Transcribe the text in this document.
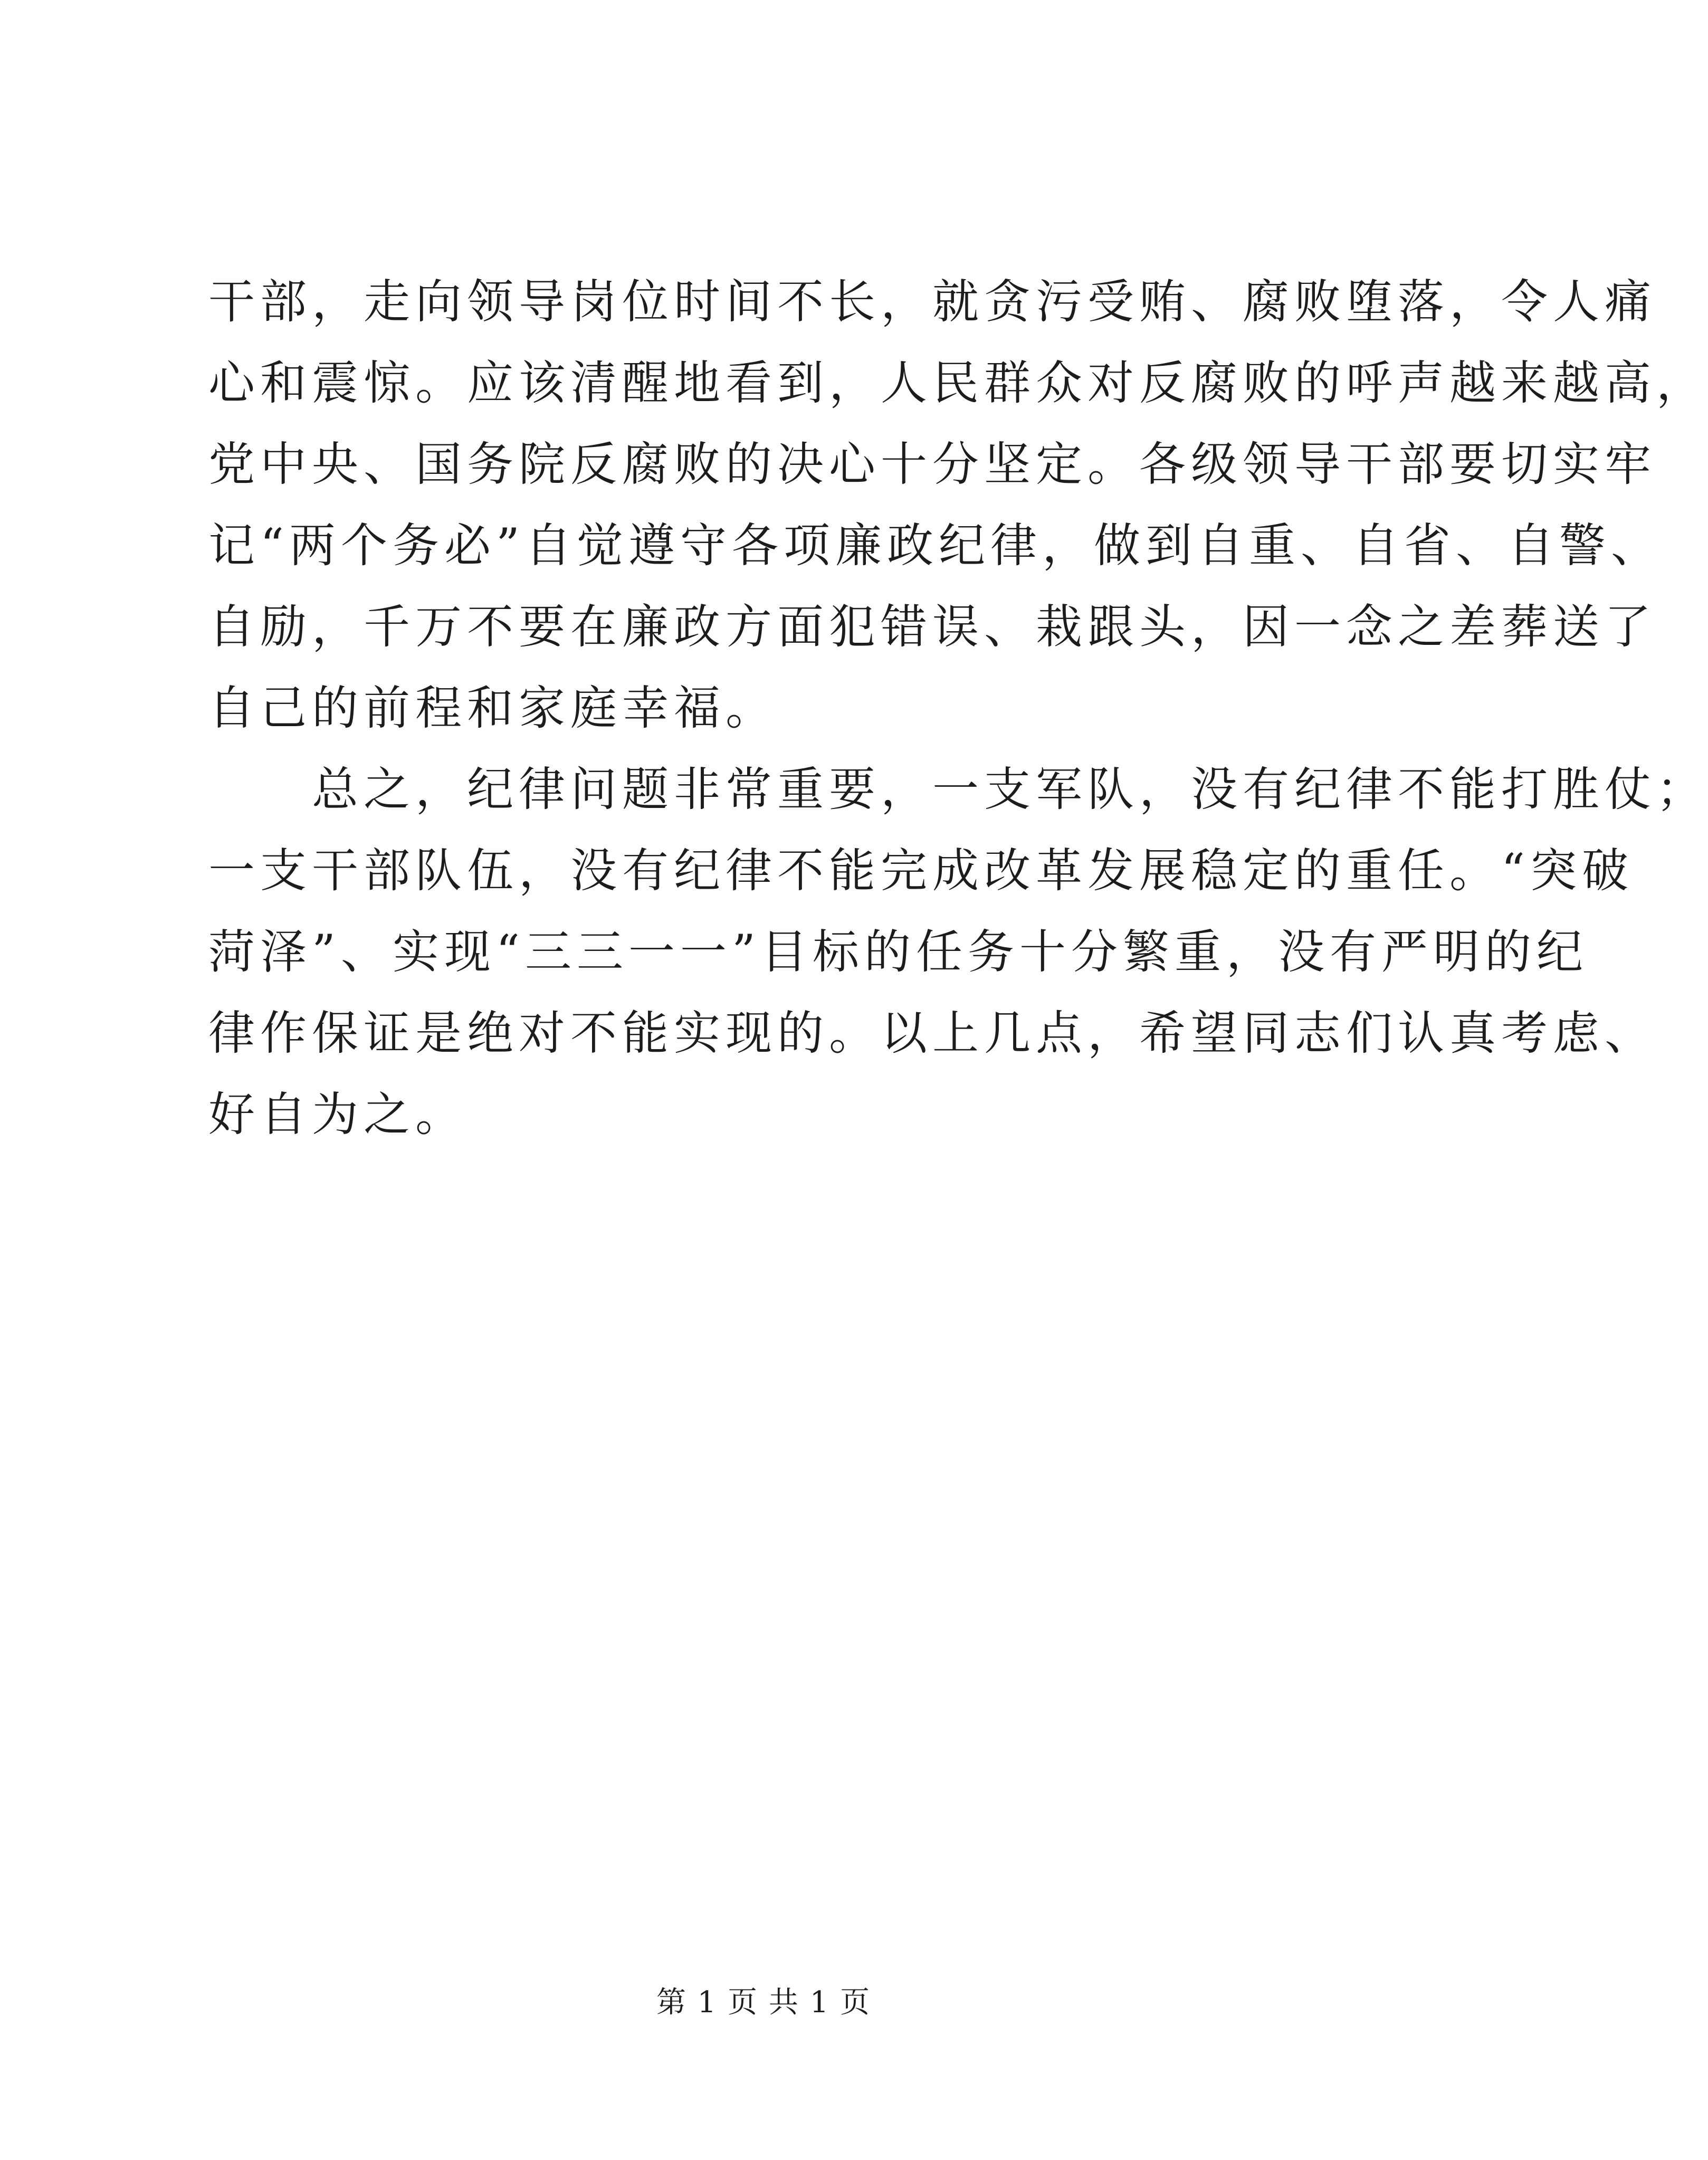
干部，走向领导岗位时间不长，就贪污受贿、腐败堕落，令人痛
心和震惊。应该清醒地看到，人民群众对反腐败的呼声越来越高，
党中央、国务院反腐败的决心十分坚定。各级领导干部要切实牢
记“两个务必”自觉遵守各项廉政纪律，做到自重、自省、自警、
自励，千万不要在廉政方面犯错误、栽跟头，因一念之差葬送了
自己的前程和家庭幸福。
　　总之，纪律问题非常重要，一支军队，没有纪律不能打胜仗；
一支干部队伍，没有纪律不能完成改革发展稳定的重任。“突破
菏泽”、实现“三三一一”目标的任务十分繁重，没有严明的纪
律作保证是绝对不能实现的。以上几点，希望同志们认真考虑、
好自为之。
第 1 页 共 1 页
